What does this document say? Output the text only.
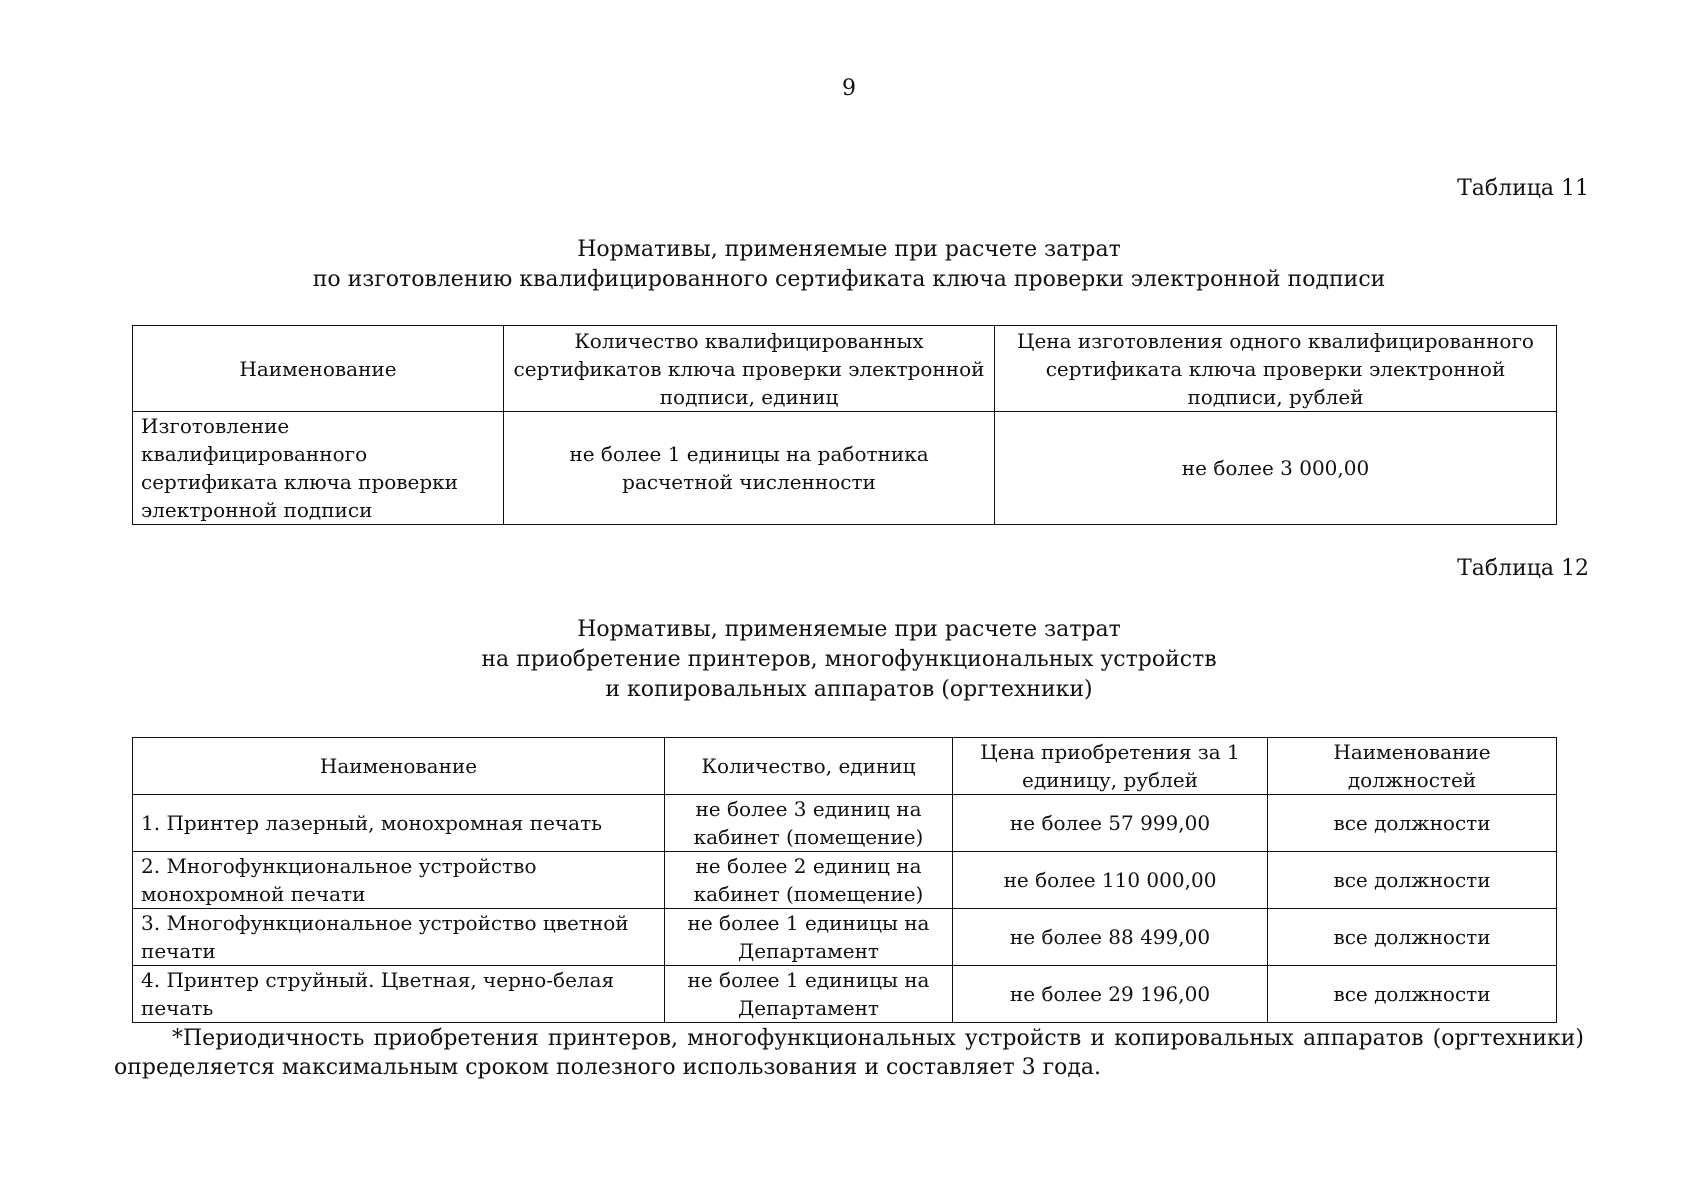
9
Таблица 11
Нормативы, применяемые при расчете затрат
по изготовлению квалифицированного сертификата ключа проверки электронной подписи
Наименование	Количество квалифицированных сертификатов ключа проверки электронной подписи, единиц	Цена изготовления одного квалифицированного сертификата ключа проверки электронной подписи, рублей
Изготовление квалифицированного сертификата ключа проверки электронной подписи	не более 1 единицы на работника расчетной численности	не более 3 000,00
Таблица 12
Нормативы, применяемые при расчете затрат
на приобретение принтеров, многофункциональных устройств
и копировальных аппаратов (оргтехники)
Наименование	Количество, единиц	Цена приобретения за 1 единицу, рублей	Наименование должностей
1. Принтер лазерный, монохромная печать	не более 3 единиц на кабинет (помещение)	не более 57 999,00	все должности
2. Многофункциональное устройство монохромной печати	не более 2 единиц на кабинет (помещение)	не более 110 000,00	все должности
3. Многофункциональное устройство цветной печати	не более 1 единицы на Департамент	не более 88 499,00	все должности
4. Принтер струйный. Цветная, черно-белая печать	не более 1 единицы на Департамент	не более 29 196,00	все должности
*Периодичность приобретения принтеров, многофункциональных устройств и копировальных аппаратов (оргтехники) определяется максимальным сроком полезного использования и составляет 3 года.
